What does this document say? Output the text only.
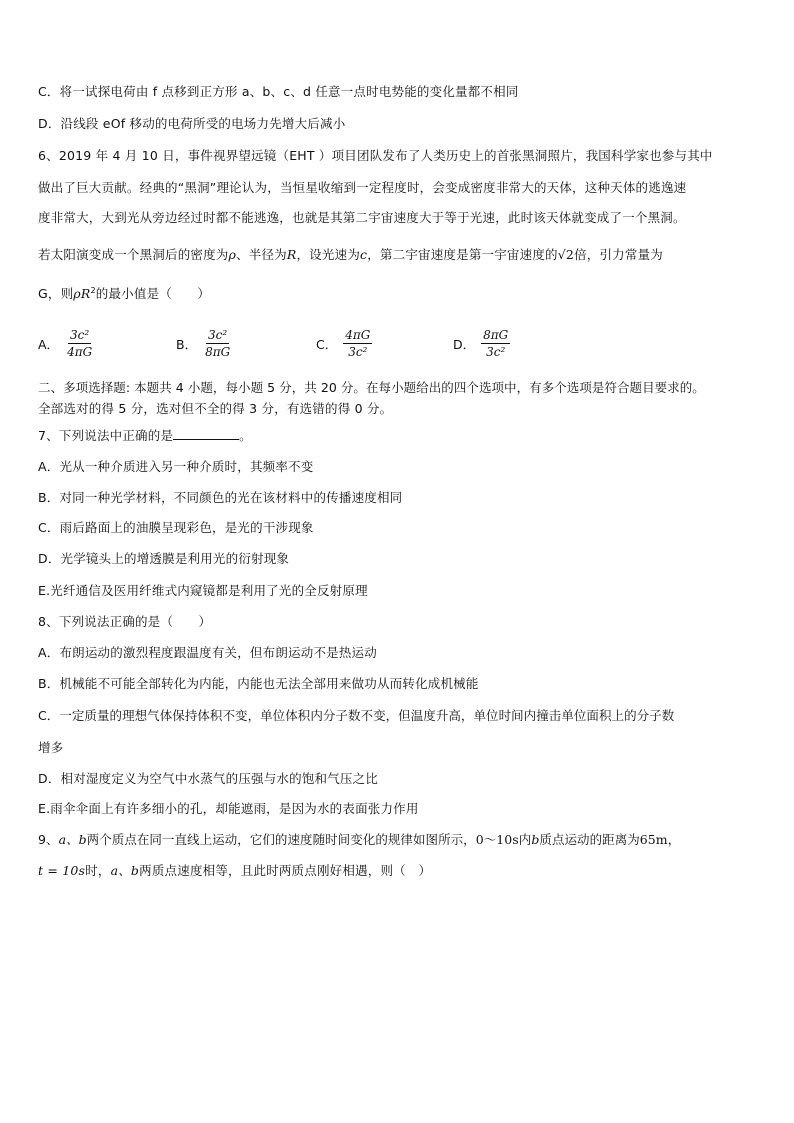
C．将一试探电荷由 f 点移到正方形 a、b、c、d 任意一点时电势能的变化量都不相同
D．沿线段 eOf 移动的电荷所受的电场力先增大后减小
6、2019 年 4 月 10 日，事件视界望远镜（EHT ）项目团队发布了人类历史上的首张黑洞照片，我国科学家也参与其中
做出了巨大贡献。经典的“黑洞”理论认为，当恒星收缩到一定程度时，会变成密度非常大的天体，这种天体的逃逸速
度非常大，大到光从旁边经过时都不能逃逸，也就是其第二宇宙速度大于等于光速，此时该天体就变成了一个黑洞。
若太阳演变成一个黑洞后的密度为ρ、半径为R，设光速为c，第二宇宙速度是第一宇宙速度的√2倍，引力常量为
G，则$\rho R^2$的最小值是（　　）
A． $\frac{\text{3c²}}{4\pi G}$	B． $\frac{\text{3c²}}{8\pi G}$	C． $\frac{4\pi G}{\text{3c²}}$	D． $\frac{8\pi G}{\text{3c²}}$
二、多项选择题: 本题共 4 小题，每小题 5 分，共 20 分。在每小题给出的四个选项中，有多个选项是符合题目要求的。
全部选对的得 5 分，选对但不全的得 3 分，有选错的得 0 分。
7、下列说法中正确的是	。
A．光从一种介质进入另一种介质时，其频率不变
B．对同一种光学材料，不同颜色的光在该材料中的传播速度相同
C．雨后路面上的油膜呈现彩色，是光的干涉现象
D．光学镜头上的增透膜是利用光的衍射现象
E.光纤通信及医用纤维式内窥镜都是利用了光的全反射原理
8、下列说法正确的是（　　）
A．布朗运动的激烈程度跟温度有关，但布朗运动不是热运动
B．机械能不可能全部转化为内能，内能也无法全部用来做功从而转化成机械能
C．一定质量的理想气体保持体积不变，单位体积内分子数不变，但温度升高，单位时间内撞击单位面积上的分子数
增多
D．相对湿度定义为空气中水蒸气的压强与水的饱和气压之比
E.雨伞伞面上有许多细小的孔，却能遮雨，是因为水的表面张力作用
9、a、b两个质点在同一直线上运动，它们的速度随时间变化的规律如图所示，0～10s内b质点运动的距离为65m，
t = 10s时，a、b两质点速度相等，且此时两质点刚好相遇，则（　）
